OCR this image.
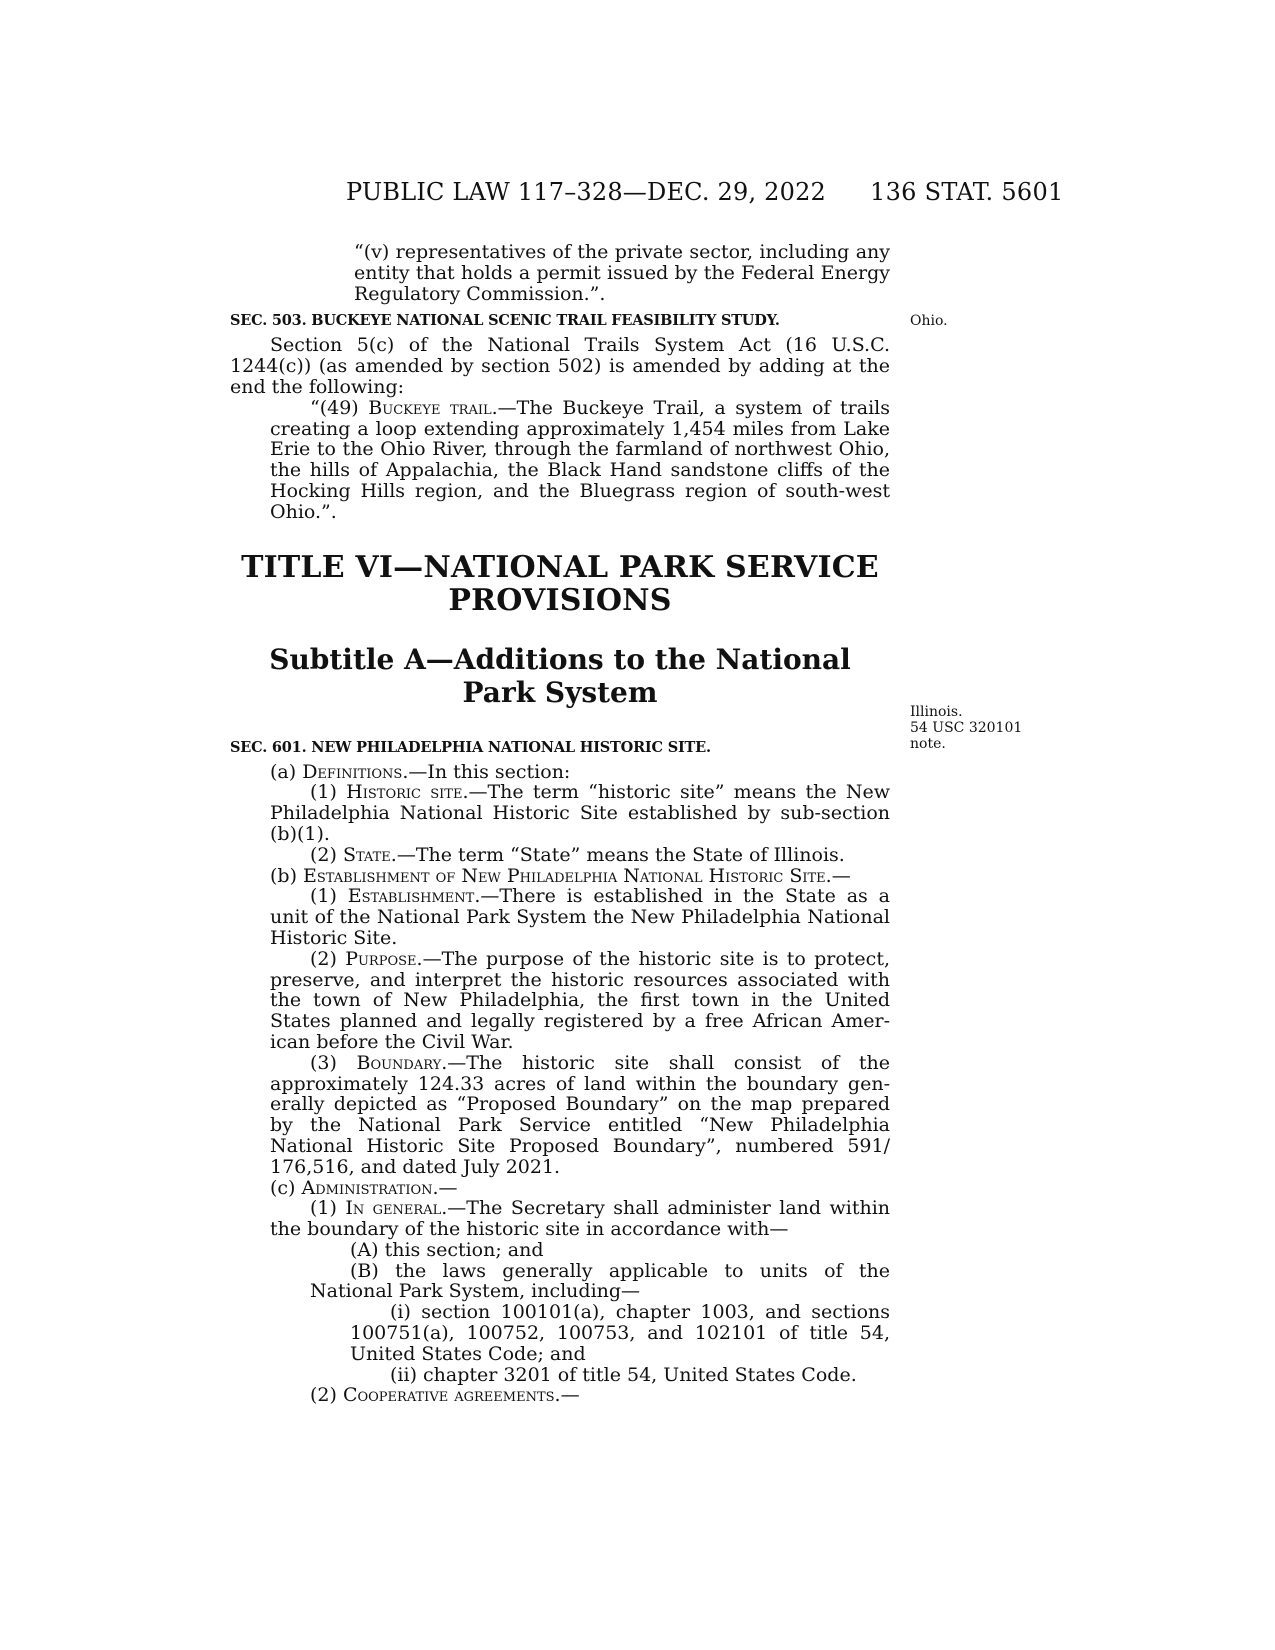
PUBLIC LAW 117–328—DEC. 29, 2022 136 STAT. 5601

“(v) representatives of the private sector, including any entity that holds a permit issued by the Federal Energy Regulatory Commission.”.

SEC. 503. BUCKEYE NATIONAL SCENIC TRAIL FEASIBILITY STUDY.

Section 5(c) of the National Trails System Act (16 U.S.C. 1244(c)) (as amended by section 502) is amended by adding at the end the following:

“(49) Buckeye trail.—The Buckeye Trail, a system of trails creating a loop extending approximately 1,454 miles from Lake Erie to the Ohio River, through the farmland of northwest Ohio, the hills of Appalachia, the Black Hand sandstone cliffs of the Hocking Hills region, and the Bluegrass region of south-west Ohio.”.

TITLE VI—NATIONAL PARK SERVICE PROVISIONS
Subtitle A—Additions to the National Park System
SEC. 601. NEW PHILADELPHIA NATIONAL HISTORIC SITE.

(a) Definitions.—In this section:

(1) Historic site.—The term “historic site” means the New Philadelphia National Historic Site established by sub-section (b)(1).

(2) State.—The term “State” means the State of Illinois.

(b) Establishment of New Philadelphia National Historic Site.—

(1) Establishment.—There is established in the State as a unit of the National Park System the New Philadelphia National Historic Site.

(2) Purpose.—The purpose of the historic site is to protect, preserve, and interpret the historic resources associated with the town of New Philadelphia, the first town in the United States planned and legally registered by a free African Amer-ican before the Civil War.

(3) Boundary.—The historic site shall consist of the approximately 124.33 acres of land within the boundary gen-erally depicted as “Proposed Boundary” on the map prepared by the National Park Service entitled “New Philadelphia National Historic Site Proposed Boundary”, numbered 591/ 176,516, and dated July 2021.

(c) Administration.—

(1) In general.—The Secretary shall administer land within the boundary of the historic site in accordance with—

(A) this section; and

(B) the laws generally applicable to units of the National Park System, including—

(i) section 100101(a), chapter 1003, and sections 100751(a), 100752, 100753, and 102101 of title 54, United States Code; and

(ii) chapter 3201 of title 54, United States Code.

(2) Cooperative agreements.—

Ohio.
Illinois.
54 USC 320101
note.
